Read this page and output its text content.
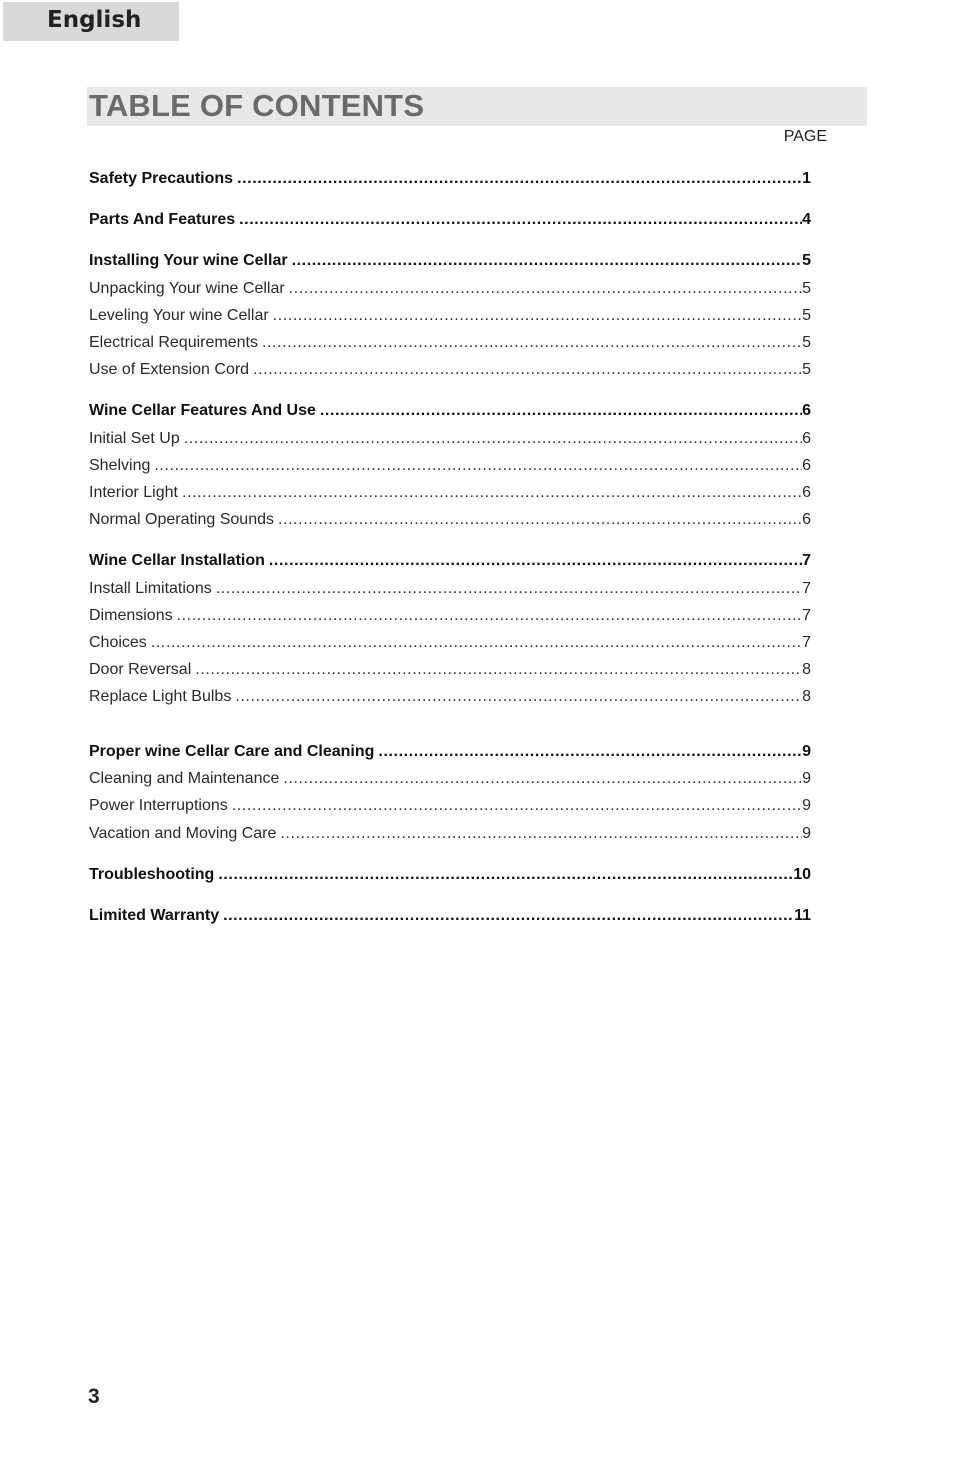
English
TABLE OF CONTENTS
PAGE
Safety Precautions .....	1
Parts And Features .....	4
Installing Your wine Cellar .....	5
Unpacking Your wine Cellar .....	5
Leveling Your wine Cellar .....	5
Electrical Requirements .....	5
Use of Extension Cord .....	5
Wine Cellar Features And Use .....	6
Initial Set Up .....	6
Shelving .....	6
Interior Light .....	6
Normal Operating Sounds .....	6
Wine Cellar Installation .....	7
Install Limitations .....	7
Dimensions .....	7
Choices .....	7
Door Reversal .....	8
Replace Light Bulbs .....	8
Proper wine Cellar Care and Cleaning .....	9
Cleaning and Maintenance .....	9
Power Interruptions .....	9
Vacation and Moving Care .....	9
Troubleshooting .....	10
Limited Warranty .....	11
3
